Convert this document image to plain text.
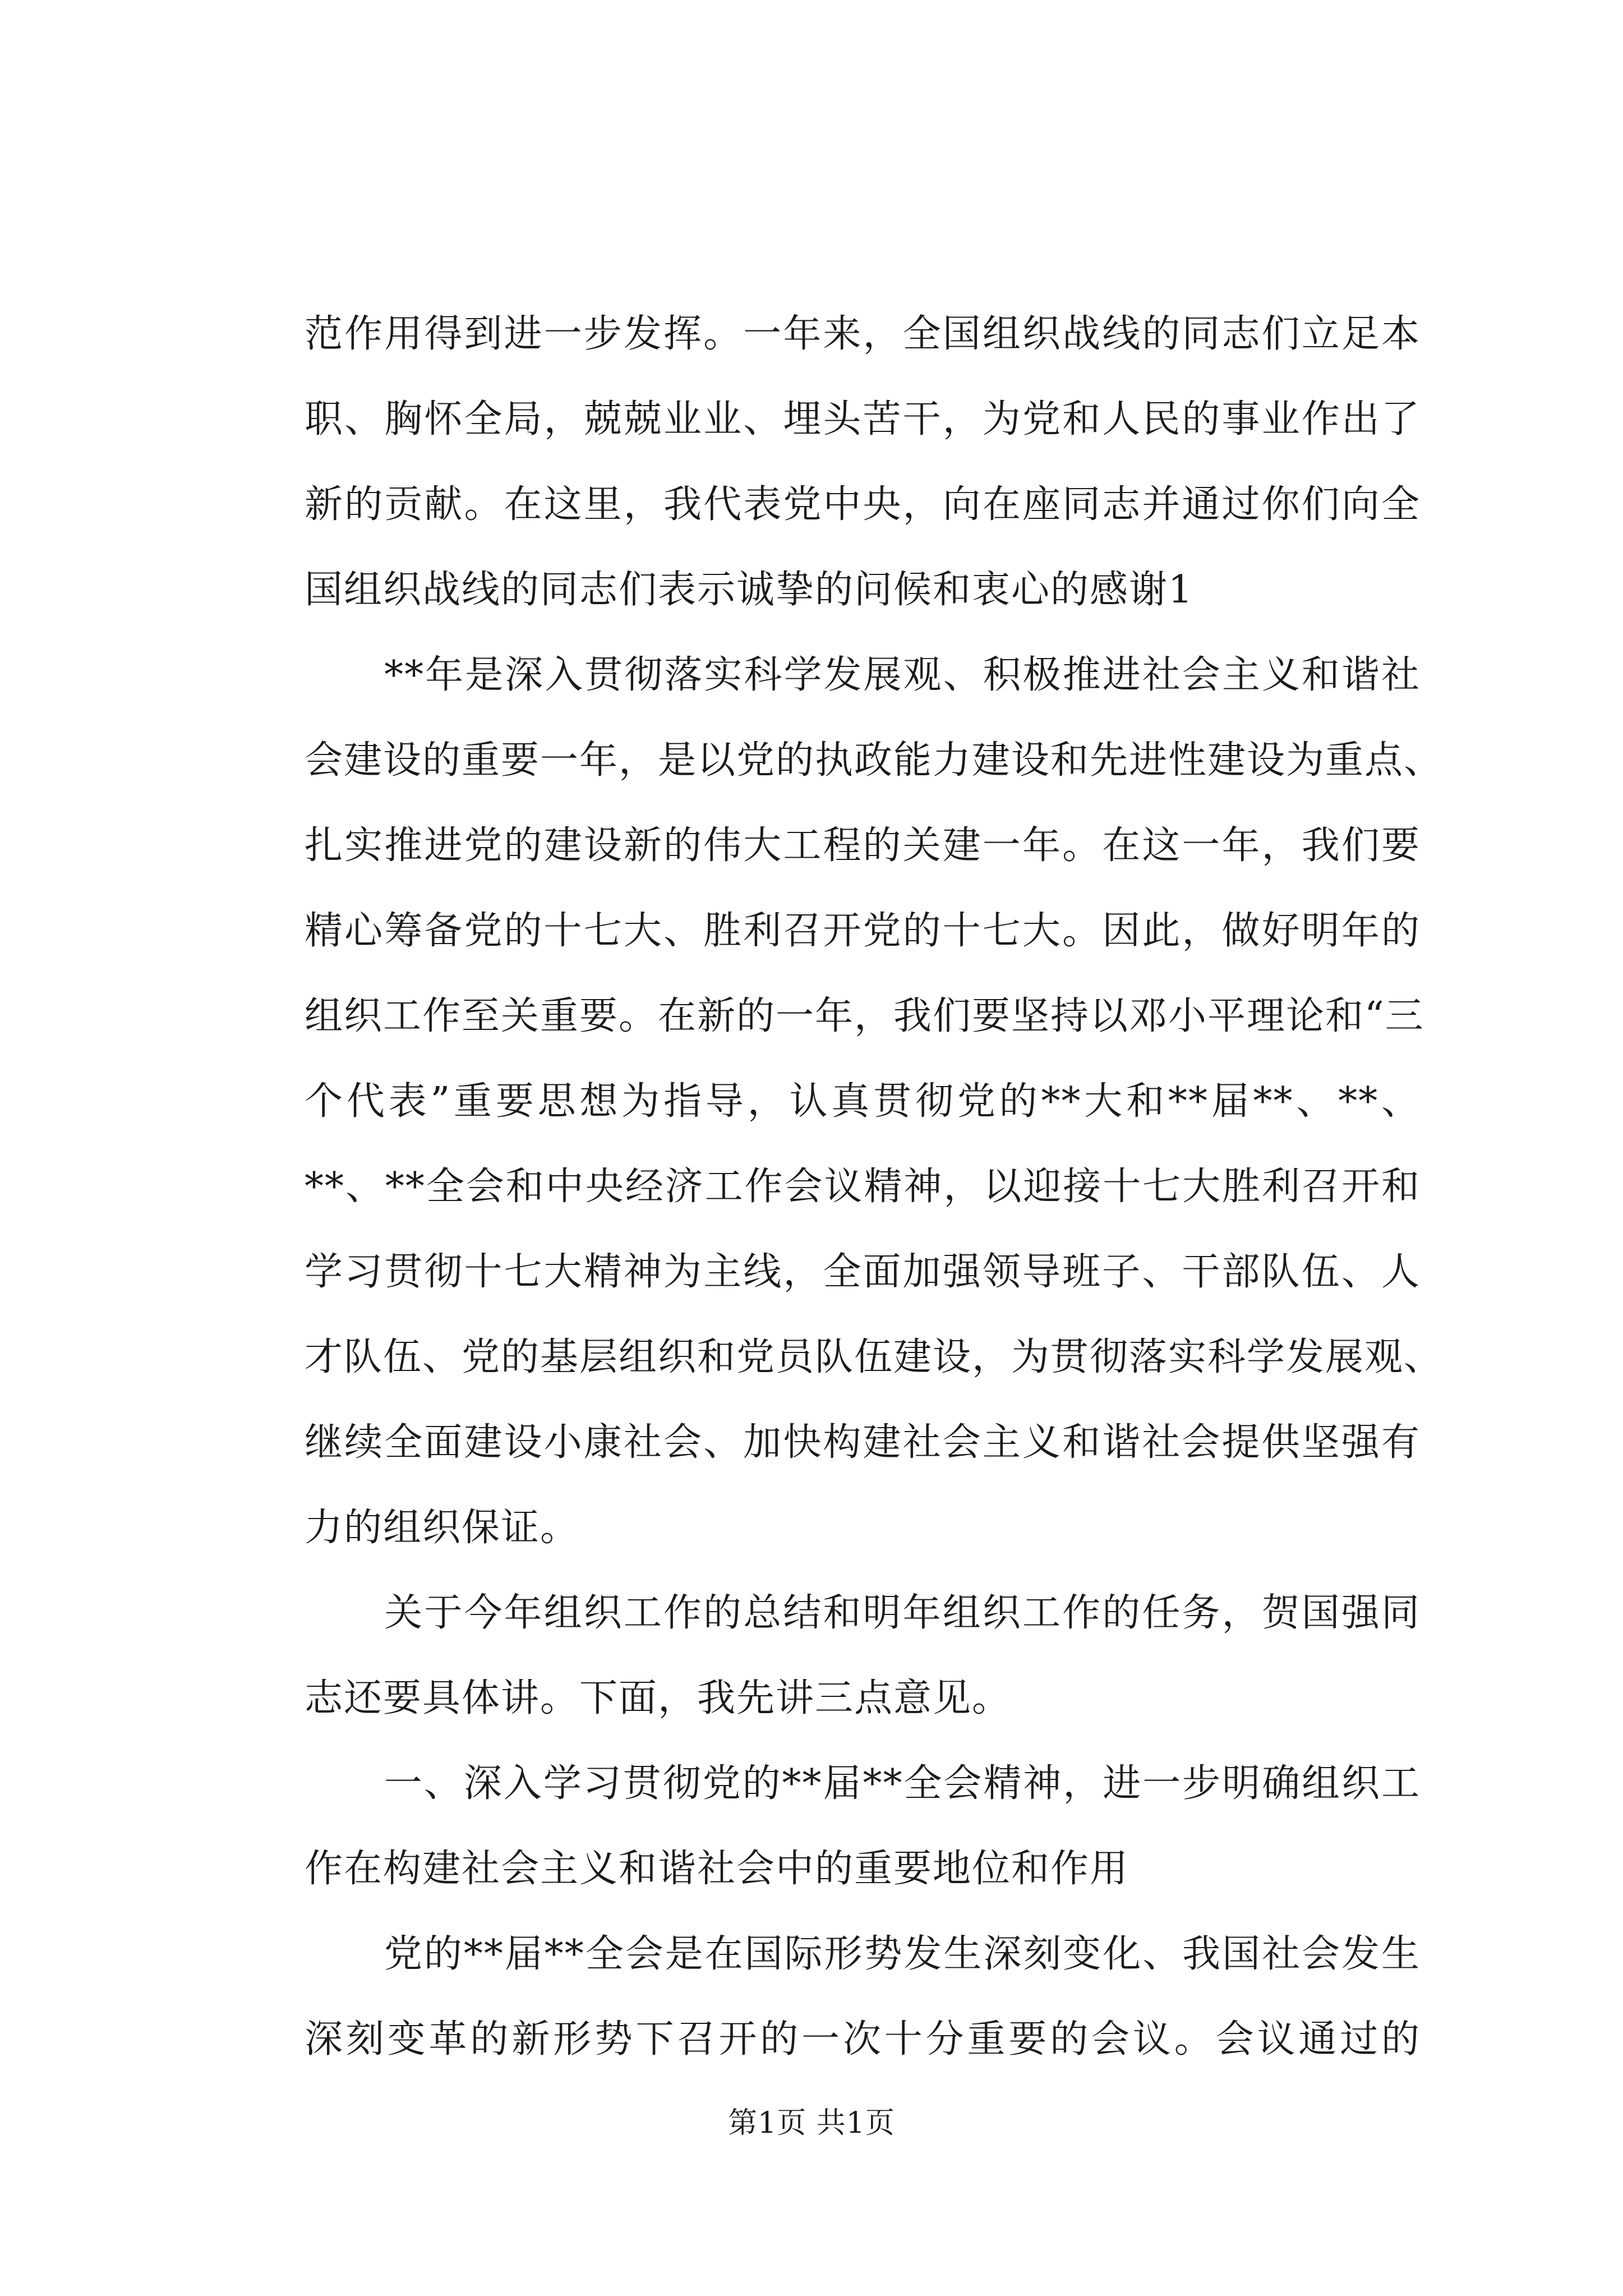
范作用得到进一步发挥。一年来，全国组织战线的同志们立足本
职、胸怀全局，兢兢业业、埋头苦干，为党和人民的事业作出了
新的贡献。在这里，我代表党中央，向在座同志并通过你们向全
国组织战线的同志们表示诚挚的问候和衷心的感谢1
　　**年是深入贯彻落实科学发展观、积极推进社会主义和谐社
会建设的重要一年，是以党的执政能力建设和先进性建设为重点、
扎实推进党的建设新的伟大工程的关建一年。在这一年，我们要
精心筹备党的十七大、胜利召开党的十七大。因此，做好明年的
组织工作至关重要。在新的一年，我们要坚持以邓小平理论和“三
个代表”重要思想为指导，认真贯彻党的**大和**届**、**、
**、**全会和中央经济工作会议精神，以迎接十七大胜利召开和
学习贯彻十七大精神为主线，全面加强领导班子、干部队伍、人
才队伍、党的基层组织和党员队伍建设，为贯彻落实科学发展观、
继续全面建设小康社会、加快构建社会主义和谐社会提供坚强有
力的组织保证。
　　关于今年组织工作的总结和明年组织工作的任务，贺国强同
志还要具体讲。下面，我先讲三点意见。
　　一、深入学习贯彻党的**届**全会精神，进一步明确组织工
作在构建社会主义和谐社会中的重要地位和作用
　　党的**届**全会是在国际形势发生深刻变化、我国社会发生
深刻变革的新形势下召开的一次十分重要的会议。会议通过的
第1页 共1页
